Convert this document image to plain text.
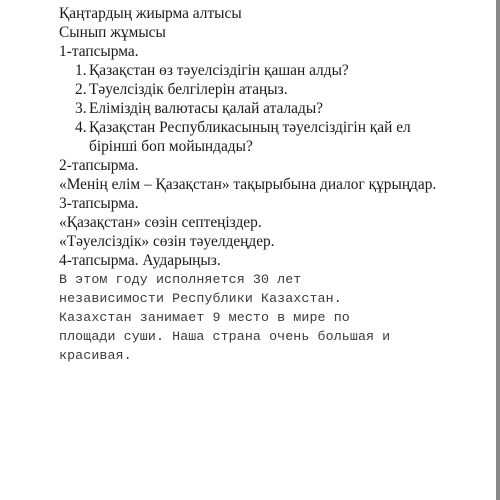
Қаңтардың жиырма алтысы
Сынып жұмысы
1-тапсырма.
1. Қазақстан өз тәуелсіздігін қашан алды?
2. Тәуелсіздік белгілерін атаңыз.
3. Еліміздің валютасы қалай аталады?
4. Қазақстан Республикасының тәуелсіздігін қай ел
бірінші боп мойындады?
2-тапсырма.
«Менің елім – Қазақстан» тақырыбына диалог құрыңдар.
3-тапсырма.
«Қазақстан» сөзін септеңіздер.
«Тәуелсіздік» сөзін тәуелдеңдер.
4-тапсырма. Аударыңыз.
В этом году исполняется 30 лет
независимости Республики Казахстан.
Казахстан занимает 9 место в мире по
площади суши. Наша страна очень большая и
красивая.
